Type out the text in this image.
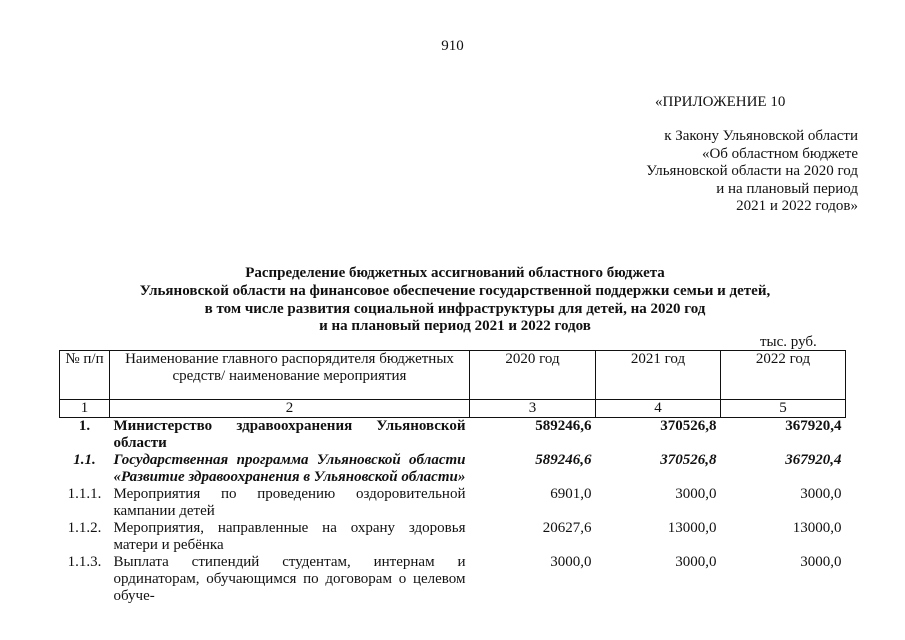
910
«ПРИЛОЖЕНИЕ 10
к Закону Ульяновской области
«Об областном бюджете
Ульяновской области на 2020 год
и на плановый период
2021 и 2022 годов»
Распределение бюджетных ассигнований областного бюджета
Ульяновской области на финансовое обеспечение государственной поддержки семьи и детей,
в том числе развития социальной инфраструктуры для детей, на 2020 год
и на плановый период 2021 и 2022 годов
тыс. руб.
№ п/п	Наименование главного распорядителя бюджетных средств/ наименование мероприятия	2020 год	2021 год	2022 год
1	2	3	4	5
1.	Министерство здравоохранения Ульяновской области	589246,6	370526,8	367920,4
1.1.	Государственная программа Ульяновской области «Развитие здравоохранения в Ульяновской области»	589246,6	370526,8	367920,4
1.1.1.	Мероприятия по проведению оздоровительной кампании детей	6901,0	3000,0	3000,0
1.1.2.	Мероприятия, направленные на охрану здоровья матери и ребёнка	20627,6	13000,0	13000,0
1.1.3.	Выплата стипендий студентам, интернам и ординаторам, обучающимся по договорам о целевом обуче-	3000,0	3000,0	3000,0
